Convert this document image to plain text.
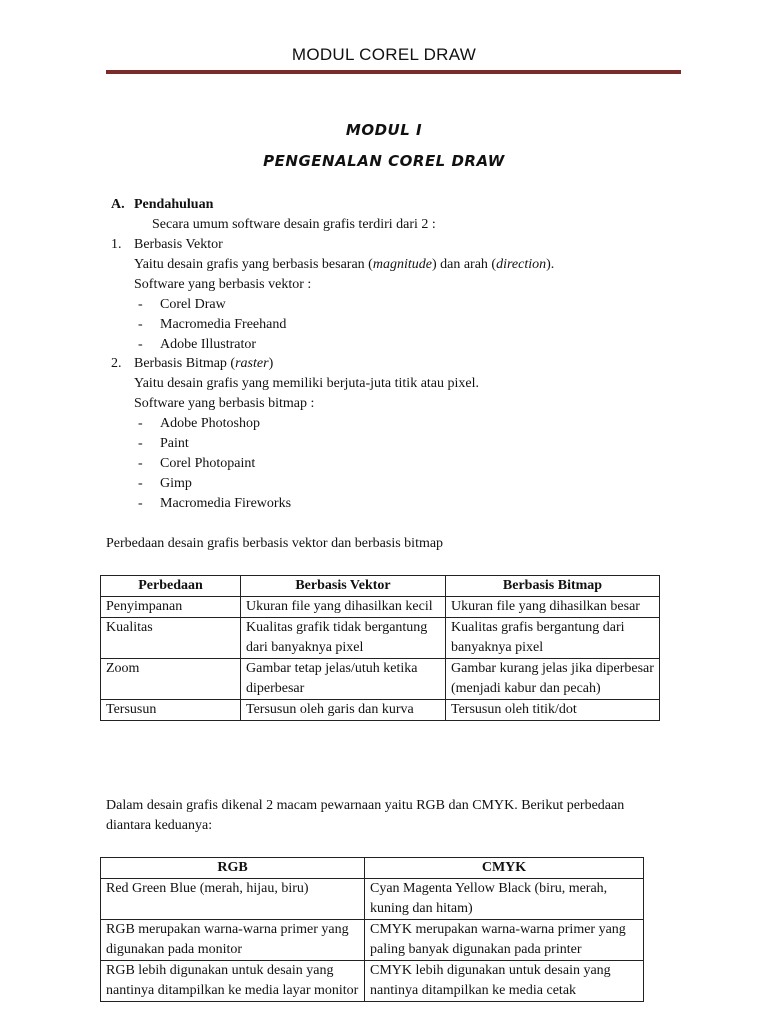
MODUL COREL DRAW
MODUL I
PENGENALAN COREL DRAW
A. Pendahuluan
Secara umum software desain grafis terdiri dari 2 :
1. Berbasis Vektor
Yaitu desain grafis yang berbasis besaran (magnitude) dan arah (direction).
Software yang berbasis vektor :
- Corel Draw
- Macromedia Freehand
- Adobe Illustrator
2. Berbasis Bitmap (raster)
Yaitu desain grafis yang memiliki berjuta-juta titik atau pixel.
Software yang berbasis bitmap :
- Adobe Photoshop
- Paint
- Corel Photopaint
- Gimp
- Macromedia Fireworks
Perbedaan desain grafis berbasis vektor dan berbasis bitmap
Perbedaan	Berbasis Vektor	Berbasis Bitmap
Penyimpanan	Ukuran file yang dihasilkan kecil	Ukuran file yang dihasilkan besar
Kualitas	Kualitas grafik tidak bergantung dari banyaknya pixel	Kualitas grafis bergantung dari banyaknya pixel
Zoom	Gambar tetap jelas/utuh ketika diperbesar	Gambar kurang jelas jika diperbesar (menjadi kabur dan pecah)
Tersusun	Tersusun oleh garis dan kurva	Tersusun oleh titik/dot
Dalam desain grafis dikenal 2 macam pewarnaan yaitu RGB dan CMYK. Berikut perbedaan
diantara keduanya:
RGB	CMYK
Red Green Blue (merah, hijau, biru)	Cyan Magenta Yellow Black (biru, merah, kuning dan hitam)
RGB merupakan warna-warna primer yang digunakan pada monitor	CMYK merupakan warna-warna primer yang paling banyak digunakan pada printer
RGB lebih digunakan untuk desain yang nantinya ditampilkan ke media layar monitor	CMYK lebih digunakan untuk desain yang nantinya ditampilkan ke media cetak
